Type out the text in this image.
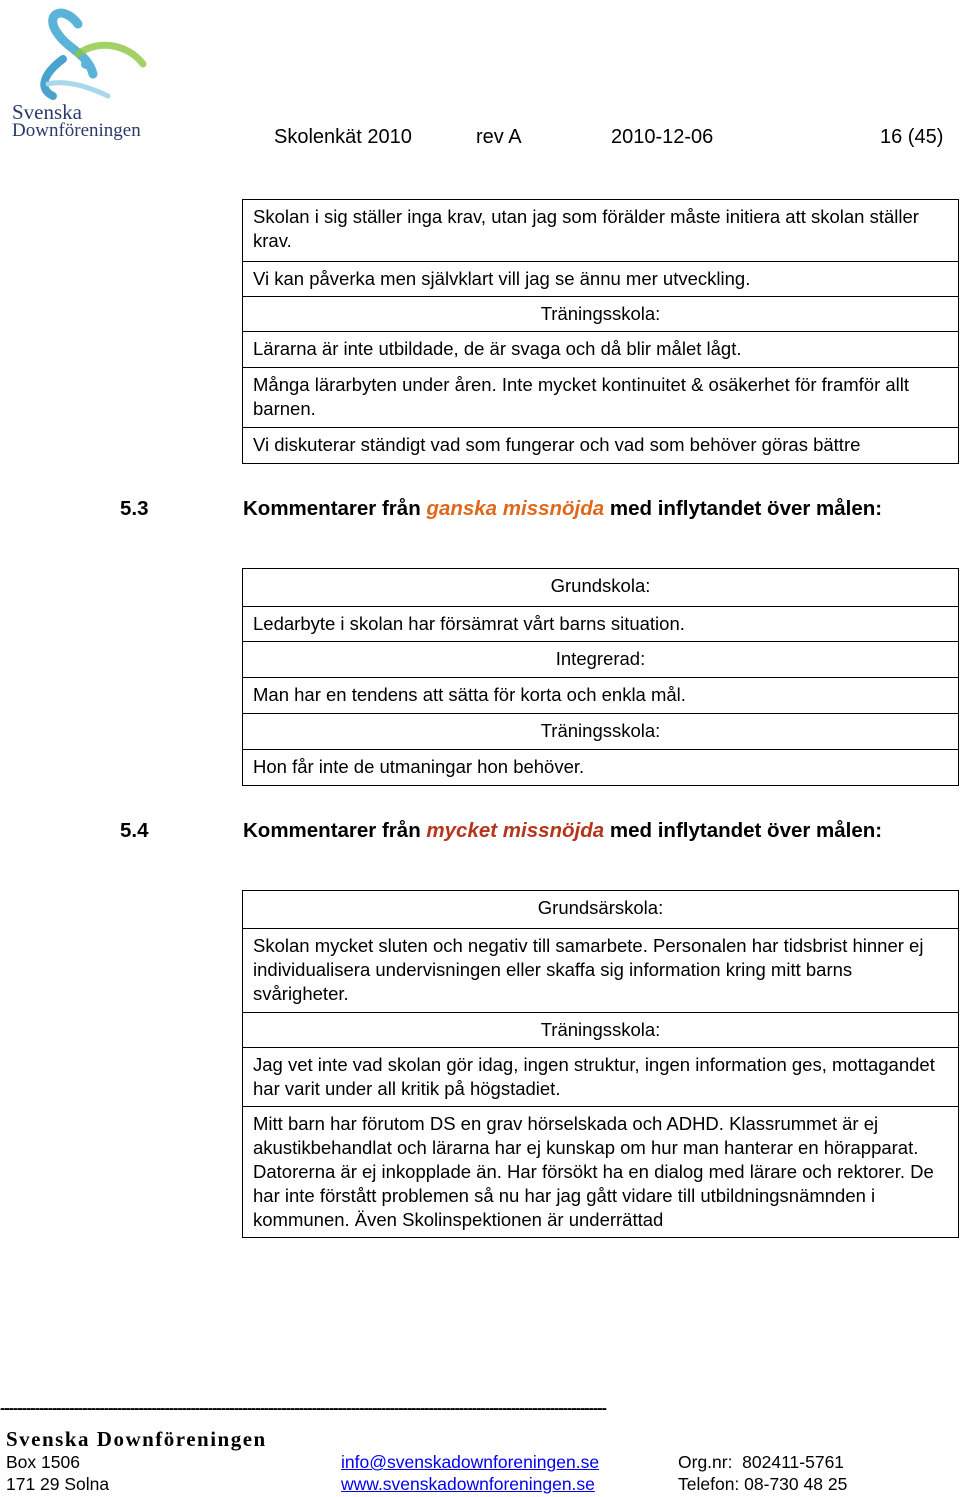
Svenska
Downföreningen	Skolenkät 2010	rev A	2010-12-06	16 (45)
Skolan i sig ställer inga krav, utan jag som förälder måste initiera att skolan ställer krav.
Vi kan påverka men självklart vill jag se ännu mer utveckling.
Träningsskola:
Lärarna är inte utbildade, de är svaga och då blir målet lågt.
Många lärarbyten under åren. Inte mycket kontinuitet & osäkerhet för framför allt barnen.
Vi diskuterar ständigt vad som fungerar och vad som behöver göras bättre
5.3	Kommentarer från ganska missnöjda med inflytandet över målen:
Grundskola:
Ledarbyte i skolan har försämrat vårt barns situation.
Integrerad:
Man har en tendens att sätta för korta och enkla mål.
Träningsskola:
Hon får inte de utmaningar hon behöver.
5.4	Kommentarer från mycket missnöjda med inflytandet över målen:
Grundsärskola:
Skolan mycket sluten och negativ till samarbete. Personalen har tidsbrist hinner ej individualisera undervisningen eller skaffa sig information kring mitt barns svårigheter.
Träningsskola:
Jag vet inte vad skolan gör idag, ingen struktur, ingen information ges, mottagandet har varit under all kritik på högstadiet.
Mitt barn har förutom DS en grav hörselskada och ADHD. Klassrummet är ej akustikbehandlat och lärarna har ej kunskap om hur man hanterar en hörapparat. Datorerna är ej inkopplade än. Har försökt ha en dialog med lärare och rektorer. De har inte förstått problemen så nu har jag gått vidare till utbildningsnämnden i kommunen. Även Skolinspektionen är underrättad
--------------------------------------------------------------------------------------------------------------------------------------------
Svenska Downföreningen
Box 1506
171 29 Solna
info@svenskadownforeningen.se
www.svenskadownforeningen.se
Org.nr:  802411-5761
Telefon: 08-730 48 25
